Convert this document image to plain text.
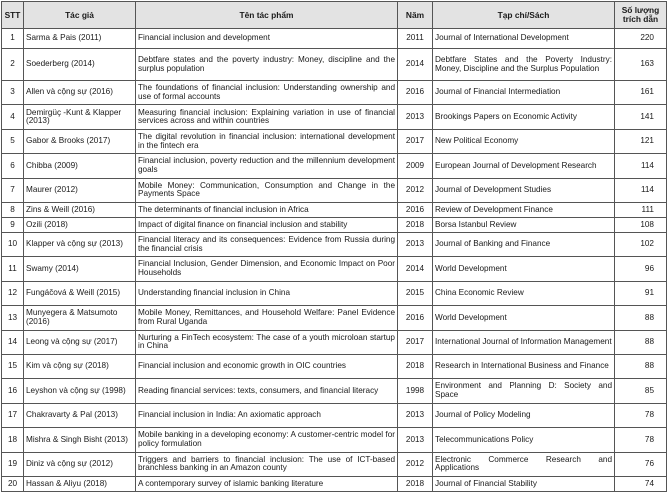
STT	Tác giả	Tên tác phẩm	Năm	Tạp chí/Sách	Số lượng trích dẫn
1	Sarma & Pais (2011)	Financial inclusion and development	2011	Journal of International Development	220
2	Soederberg (2014)	Debtfare states and the poverty industry: Money, discipline and the surplus population	2014	Debtfare States and the Poverty Industry: Money, Discipline and the Surplus Population	163
3	Allen và cộng sự (2016)	The foundations of financial inclusion: Understanding ownership and use of formal accounts	2016	Journal of Financial Intermediation	161
4	Demirgüç -Kunt & Klapper (2013)	Measuring financial inclusion: Explaining variation in use of financial services across and within countries	2013	Brookings Papers on Economic Activity	141
5	Gabor & Brooks (2017)	The digital revolution in financial inclusion: international development in the fintech era	2017	New Political Economy	121
6	Chibba (2009)	Financial inclusion, poverty reduction and the millennium development goals	2009	European Journal of Development Research	114
7	Maurer (2012)	Mobile Money: Communication, Consumption and Change in the Payments Space	2012	Journal of Development Studies	114
8	Zins & Weill (2016)	The determinants of financial inclusion in Africa	2016	Review of Development Finance	111
9	Ozili (2018)	Impact of digital finance on financial inclusion and stability	2018	Borsa Istanbul Review	108
10	Klapper và cộng sự (2013)	Financial literacy and its consequences: Evidence from Russia during the financial crisis	2013	Journal of Banking and Finance	102
11	Swamy (2014)	Financial Inclusion, Gender Dimension, and Economic Impact on Poor Households	2014	World Development	96
12	Fungáčová & Weill (2015)	Understanding financial inclusion in China	2015	China Economic Review	91
13	Munyegera & Matsumoto (2016)	Mobile Money, Remittances, and Household Welfare: Panel Evidence from Rural Uganda	2016	World Development	88
14	Leong và cộng sự (2017)	Nurturing a FinTech ecosystem: The case of a youth microloan startup in China	2017	International Journal of Information Management	88
15	Kim và cộng sự (2018)	Financial inclusion and economic growth in OIC countries	2018	Research in International Business and Finance	88
16	Leyshon và cộng sự (1998)	Reading financial services: texts, consumers, and financial literacy	1998	Environment and Planning D: Society and Space	85
17	Chakravarty & Pal (2013)	Financial inclusion in India: An axiomatic approach	2013	Journal of Policy Modeling	78
18	Mishra & Singh Bisht (2013)	Mobile banking in a developing economy: A customer-centric model for policy formulation	2013	Telecommunications Policy	78
19	Diniz và cộng sự (2012)	Triggers and barriers to financial inclusion: The use of ICT-based branchless banking in an Amazon county	2012	Electronic Commerce Research and Applications	76
20	Hassan & Aliyu (2018)	A contemporary survey of islamic banking literature	2018	Journal of Financial Stability	74
